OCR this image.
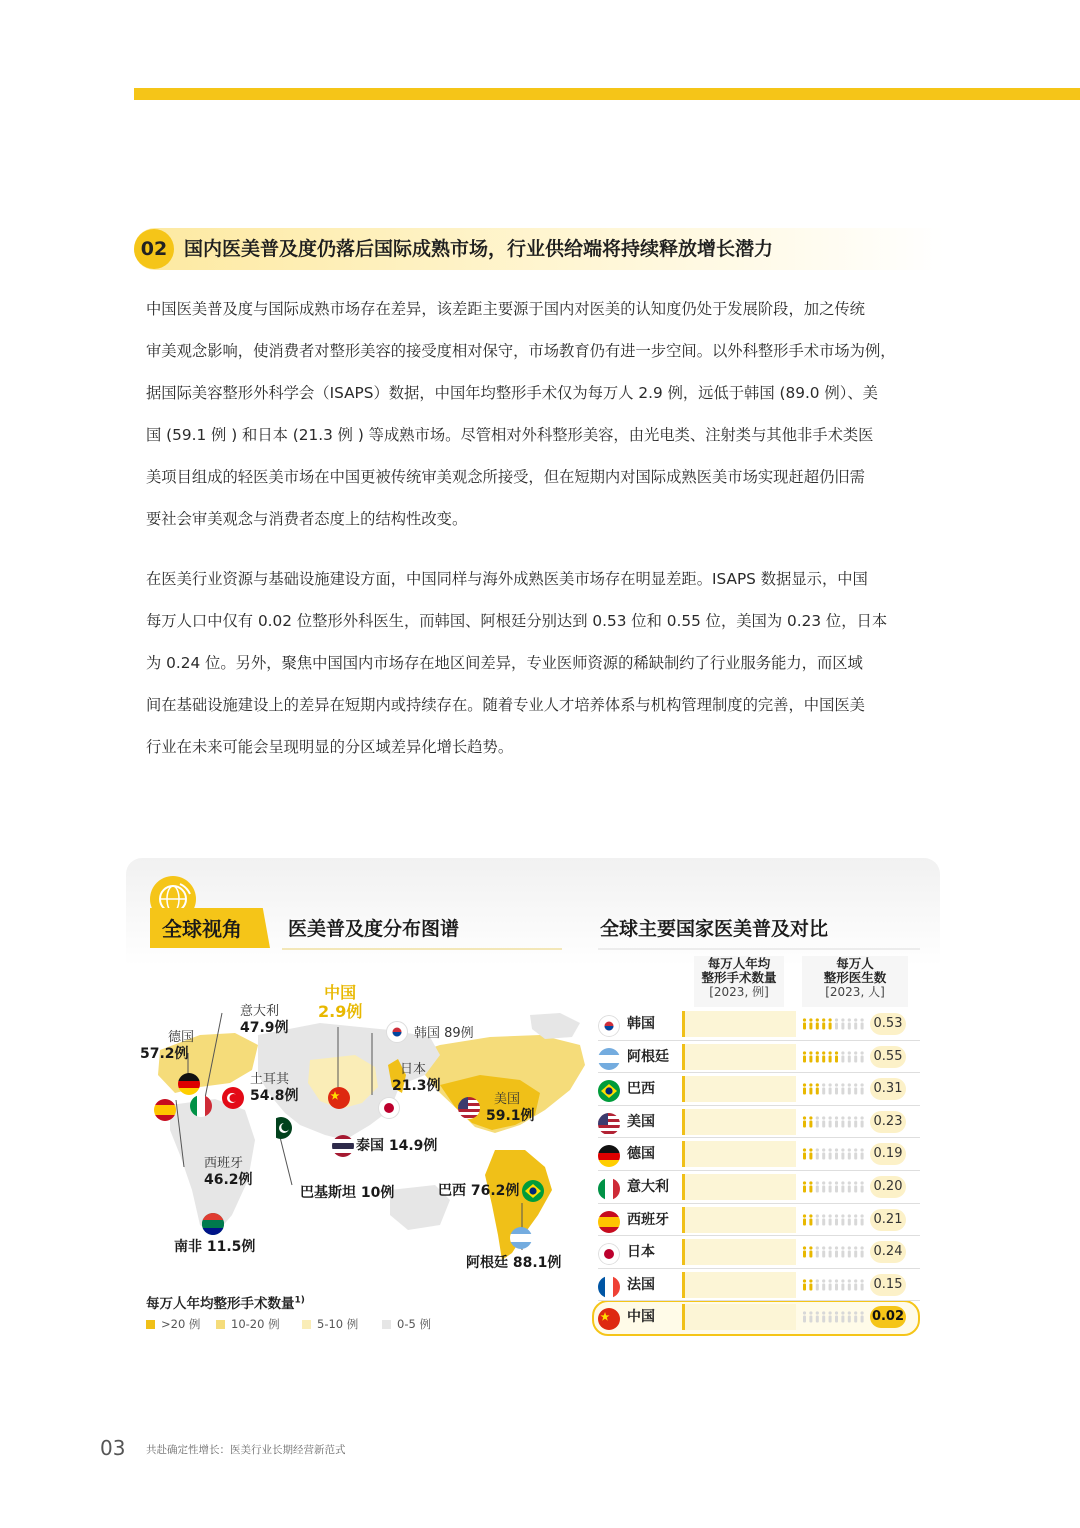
02 国内医美普及度仍落后国际成熟市场，行业供给端将持续释放增长潜力
中国医美普及度与国际成熟市场存在差异，该差距主要源于国内对医美的认知度仍处于发展阶段，加之传统
审美观念影响，使消费者对整形美容的接受度相对保守，市场教育仍有进一步空间。以外科整形手术市场为例，
据国际美容整形外科学会（ISAPS）数据，中国年均整形手术仅为每万人 2.9 例，远低于韩国 (89.0 例）、美
国 (59.1 例 ) 和日本 (21.3 例 ) 等成熟市场。尽管相对外科整形美容，由光电类、注射类与其他非手术类医
美项目组成的轻医美市场在中国更被传统审美观念所接受，但在短期内对国际成熟医美市场实现赶超仍旧需
要社会审美观念与消费者态度上的结构性改变。
在医美行业资源与基础设施建设方面，中国同样与海外成熟医美市场存在明显差距。ISAPS 数据显示，中国
每万人口中仅有 0.02 位整形外科医生，而韩国、阿根廷分别达到 0.53 位和 0.55 位，美国为 0.23 位，日本
为 0.24 位。另外，聚焦中国国内市场存在地区间差异，专业医师资源的稀缺制约了行业服务能力，而区域
间在基础设施建设上的差异在短期内或持续存在。随着专业人才培养体系与机构管理制度的完善，中国医美
行业在未来可能会呈现明显的分区域差异化增长趋势。
全球视角 医美普及度分布图谱	全球主要国家医美普及对比
中国
2.9例
意大利
47.9例
德国
57.2例
土耳其
54.8例
韩国 89例
日本
21.3例
美国
59.1例
泰国 14.9例
西班牙
46.2例
巴基斯坦 10例	巴西 76.2例
南非 11.5例
阿根廷 88.1例
每万人年均整形手术数量$^{1)}$
>20 例	10-20 例	5-10 例	0-5 例
每万人年均
整形手术数量
[2023, 例]
每万人
整形医生数
[2023, 人]
韩国	0.53
阿根廷	0.55
巴西	0.31
美国	0.23
德国	0.19
意大利	0.20
西班牙	0.21
日本	0.24
法国	0.15
中国	0.02
03 共赴确定性增长：医美行业长期经营新范式
